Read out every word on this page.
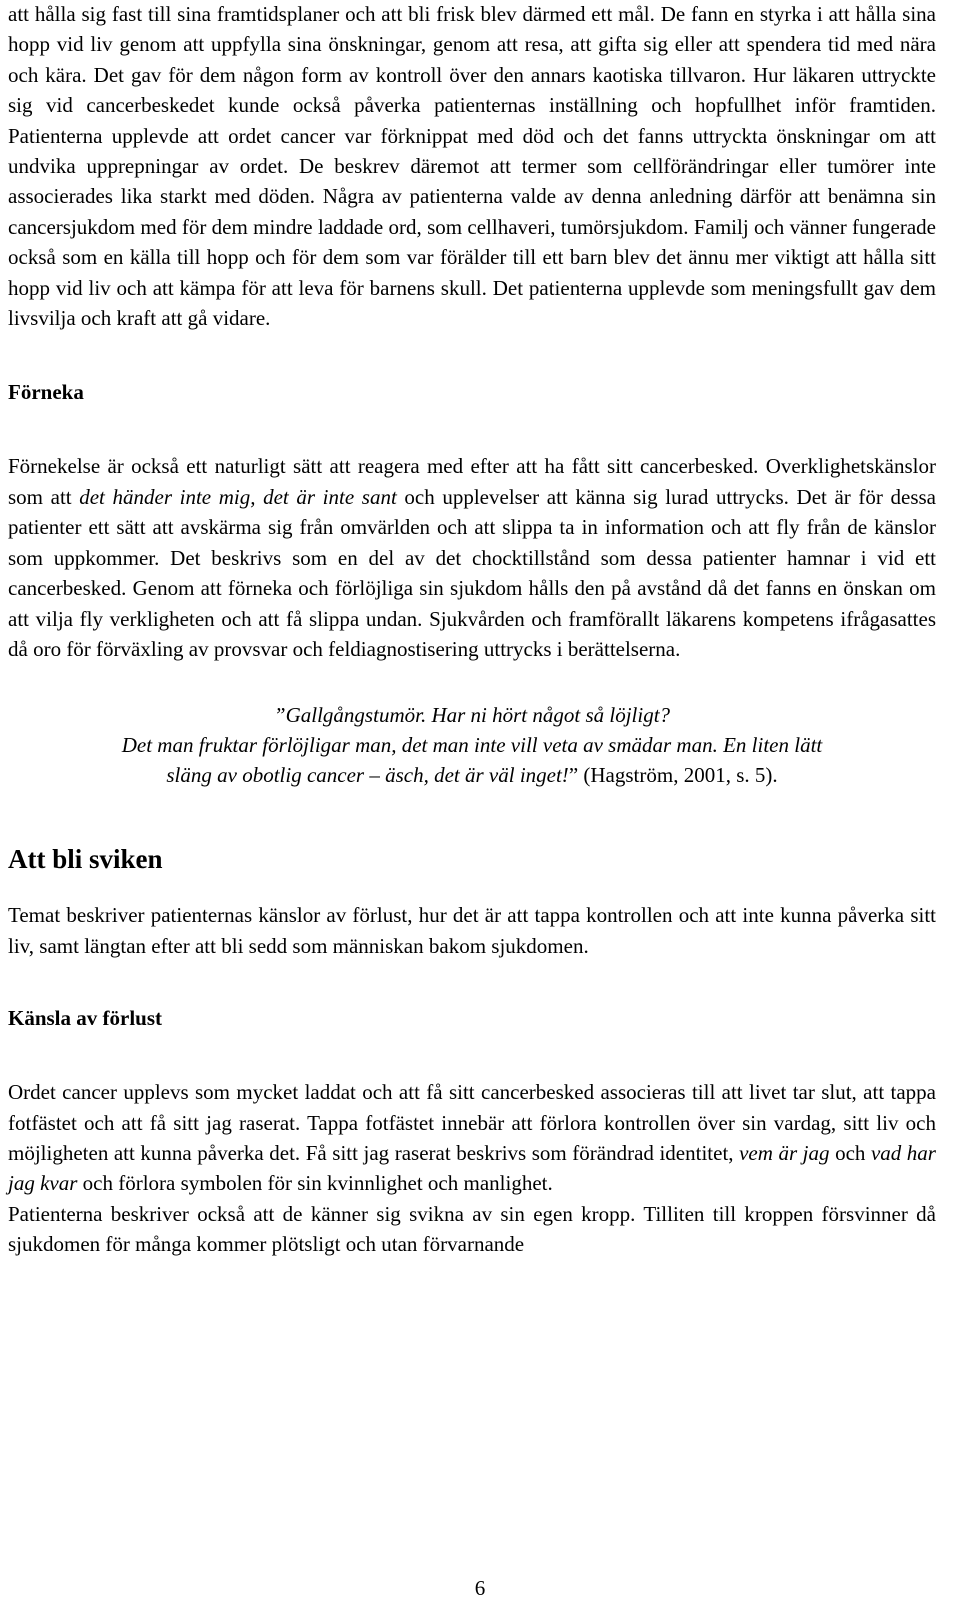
att hålla sig fast till sina framtidsplaner och att bli frisk blev därmed ett mål. De fann en styrka i att hålla sina hopp vid liv genom att uppfylla sina önskningar, genom att resa, att gifta sig eller att spendera tid med nära och kära. Det gav för dem någon form av kontroll över den annars kaotiska tillvaron. Hur läkaren uttryckte sig vid cancerbeskedet kunde också påverka patienternas inställning och hopfullhet inför framtiden. Patienterna upplevde att ordet cancer var förknippat med död och det fanns uttryckta önskningar om att undvika upprepningar av ordet. De beskrev däremot att termer som cellförändringar eller tumörer inte associerades lika starkt med döden. Några av patienterna valde av denna anledning därför att benämna sin cancersjukdom med för dem mindre laddade ord, som cellhaveri, tumörsjukdom. Familj och vänner fungerade också som en källa till hopp och för dem som var förälder till ett barn blev det ännu mer viktigt att hålla sitt hopp vid liv och att kämpa för att leva för barnens skull. Det patienterna upplevde som meningsfullt gav dem livsvilja och kraft att gå vidare.

Förneka

Förnekelse är också ett naturligt sätt att reagera med efter att ha fått sitt cancerbesked. Overklighetskänslor som att det händer inte mig, det är inte sant och upplevelser att känna sig lurad uttrycks. Det är för dessa patienter ett sätt att avskärma sig från omvärlden och att slippa ta in information och att fly från de känslor som uppkommer. Det beskrivs som en del av det chocktillstånd som dessa patienter hamnar i vid ett cancerbesked. Genom att förneka och förlöjliga sin sjukdom hålls den på avstånd då det fanns en önskan om att vilja fly verkligheten och att få slippa undan. Sjukvården och framförallt läkarens kompetens ifrågasattes då oro för förväxling av provsvar och feldiagnostisering uttrycks i berättelserna.

”Gallgångstumör. Har ni hört något så löjligt?
Det man fruktar förlöjligar man, det man inte vill veta av smädar man. En liten lätt
släng av obotlig cancer – äsch, det är väl inget!” (Hagström, 2001, s. 5).
Att bli sviken

Temat beskriver patienternas känslor av förlust, hur det är att tappa kontrollen och att inte kunna påverka sitt liv, samt längtan efter att bli sedd som människan bakom sjukdomen.

Känsla av förlust

Ordet cancer upplevs som mycket laddat och att få sitt cancerbesked associeras till att livet tar slut, att tappa fotfästet och att få sitt jag raserat. Tappa fotfästet innebär att förlora kontrollen över sin vardag, sitt liv och möjligheten att kunna påverka det. Få sitt jag raserat beskrivs som förändrad identitet, vem är jag och vad har jag kvar och förlora symbolen för sin kvinnlighet och manlighet.

Patienterna beskriver också att de känner sig svikna av sin egen kropp. Tilliten till kroppen försvinner då sjukdomen för många kommer plötsligt och utan förvarnande

6
